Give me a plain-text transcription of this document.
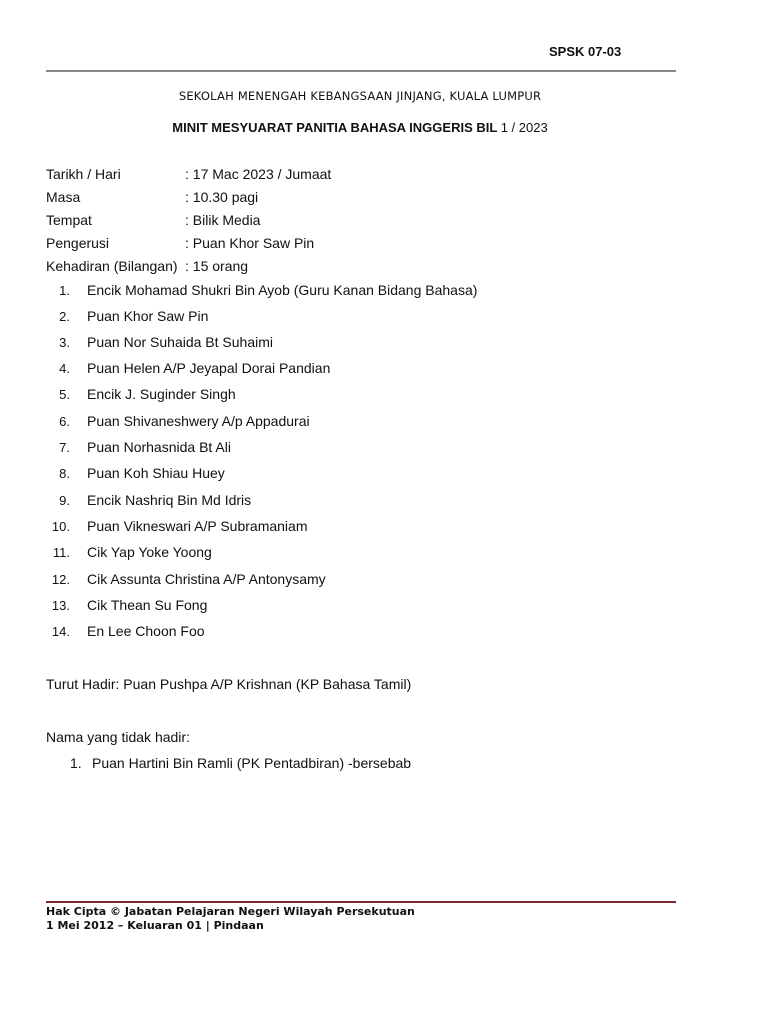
SPSK 07-03
SEKOLAH MENENGAH KEBANGSAAN JINJANG, KUALA LUMPUR
MINIT MESYUARAT PANITIA BAHASA INGGERIS BIL 1 / 2023
Tarikh / Hari	: 17 Mac 2023 / Jumaat
Masa	: 10.30 pagi
Tempat	: Bilik Media
Pengerusi	: Puan Khor Saw Pin
Kehadiran (Bilangan) : 15 orang
1. Encik Mohamad Shukri Bin Ayob (Guru Kanan Bidang Bahasa)
2. Puan Khor Saw Pin
3. Puan Nor Suhaida Bt Suhaimi
4. Puan Helen A/P Jeyapal Dorai Pandian
5. Encik J. Suginder Singh
6. Puan Shivaneshwery A/p Appadurai
7. Puan Norhasnida Bt Ali
8. Puan Koh Shiau Huey
9. Encik Nashriq Bin Md Idris
10. Puan Vikneswari A/P Subramaniam
11. Cik Yap Yoke Yoong
12. Cik Assunta Christina A/P Antonysamy
13. Cik Thean Su Fong
14. En Lee Choon Foo
Turut Hadir: Puan Pushpa A/P Krishnan (KP Bahasa Tamil)
Nama yang tidak hadir:
1. Puan Hartini Bin Ramli (PK Pentadbiran) -bersebab
Hak Cipta © Jabatan Pelajaran Negeri Wilayah Persekutuan
1 Mei 2012 – Keluaran 01 | Pindaan
